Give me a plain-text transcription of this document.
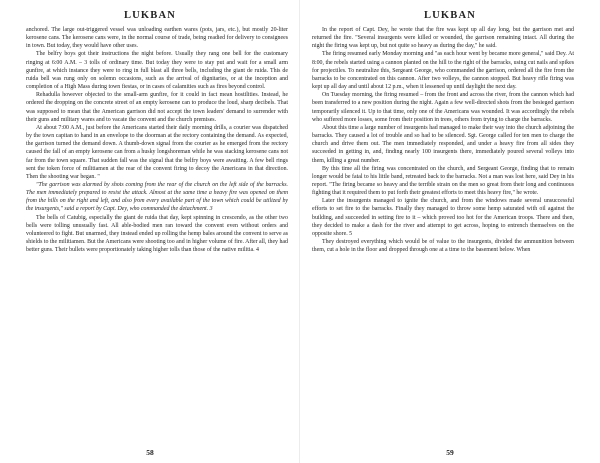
LUKBAN

anchored. The large out-triggered vessel was unloading earthen wares (pots, jars, etc.), but mostly 20-liter kerosene cans. The kerosene cans were, in the normal course of trade, being readied for delivery to consignees in town. But today, they would have other uses.

The belfry boys got their instructions the night before. Usually they rang one bell for the customary ringing at 6:00 A.M. – 3 tolls of ordinary time. But today they were to stay put and wait for a small arm gunfire, at which instance they were to ring in full blast all three bells, including the giant de ruida. This de ruida bell was rung only on solemn occasions, such as the arrival of dignitaries, or at the inception and completion of a High Mass during town fiestas, or in cases of calamities such as fires beyond control.

Rehadulla however objected to the small-arm gunfire, for it could in fact mean hostilities. Instead, he ordered the dropping on the concrete street of an empty kerosene can to produce the loud, sharp decibels. That was supposed to mean that the American garrison did not accept the town leaders' demand to surrender with their guns and military wares and to vacate the convent and the church premises.

At about 7:00 A.M., just before the Americans started their daily morning drills, a courier was dispatched by the town capitan to hand in an envelope to the doorman at the rectory containing the demand. As expected, the garrison turned the demand down. A thumb-down signal from the courier as he emerged from the rectory caused the fall of an empty kerosene can from a husky longshoreman while he was stacking kerosene cans not far from the town square. That sudden fall was the signal that the belfry boys were awaiting. A few bell rings sent the token force of militiamen at the rear of the convent firing to decoy the Americans in that direction. Then the shooting war began. "

"The garrison was alarmed by shots coming from the rear of the church on the left side of the barracks. The men immediately prepared to resist the attack. Almost at the same time a heavy fire was opened on them from the hills on the right and left, and also from every available part of the town which could be utilized by the insurgents," said a report by Capt. Dey, who commanded the detachment. 3

The bells of Catubig, especially the giant de ruida that day, kept spinning in crescendo, as the other two bells were tolling unusually fast. All able-bodied men ran toward the convent even without orders and volunteered to fight. But unarmed, they instead ended up rolling the hemp bales around the convent to serve as shields to the militiamen. But the Americans were shooting too and in higher volume of fire. After all, they had better guns. Their bullets were proportionately taking higher tolls than those of the native militia. 4

58
LUKBAN

In the report of Capt. Dey, he wrote that the fire was kept up all day long, but the garrison met and returned the fire. "Several insurgents were killed or wounded, the garrison remaining intact. All during the night the firing was kept up, but not quite so heavy as during the day," he said.

The firing resumed early Monday morning and "as each hour went by became more general," said Dey. At 8:00, the rebels started using a cannon planted on the hill to the right of the barracks, using cut nails and spikes for projectiles. To neutralize this, Sergeant George, who commanded the garrison, ordered all the fire from the barracks to be concentrated on this cannon. After two volleys, the cannon stopped. But heavy rifle firing was kept up all day and until about 12 p.m., when it lessened up until daylight the next day.

On Tuesday morning, the firing resumed – from the front and across the river, from the cannon which had been transferred to a new position during the night. Again a few well-directed shots from the besieged garrison temporarily silenced it. Up to that time, only one of the Americans was wounded. It was accordingly the rebels who suffered more losses, some from their position in trees, others from trying to charge the barracks.

About this time a large number of insurgents had managed to make their way into the church adjoining the barracks. They caused a lot of trouble and so had to be silenced. Sgt. George called for ten men to charge the church and drive them out. The men immediately responded, and under a heavy fire from all sides they succeeded in getting in, and, finding nearly 100 insurgents there, immediately poured several volleys into them, killing a great number.

By this time all the firing was concentrated on the church, and Sergeant George, finding that to remain longer would be fatal to his little band, retreated back to the barracks. Not a man was lost here, said Dey in his report. "The firing became so heavy and the terrible strain on the men so great from their long and continuous fighting that it required them to put forth their greatest efforts to meet this heavy fire," he wrote.

Later the insurgents managed to ignite the church, and from the windows made several unsuccessful efforts to set fire to the barracks. Finally they managed to throw some hemp saturated with oil against the building, and succeeded in setting fire to it – which proved too hot for the American troops. There and then, they decided to make a dash for the river and attempt to get across, hoping to entrench themselves on the opposite shore. 5

They destroyed everything which would be of value to the insurgents, divided the ammunition between them, cut a hole in the floor and dropped through one at a time to the basement below. When

59
